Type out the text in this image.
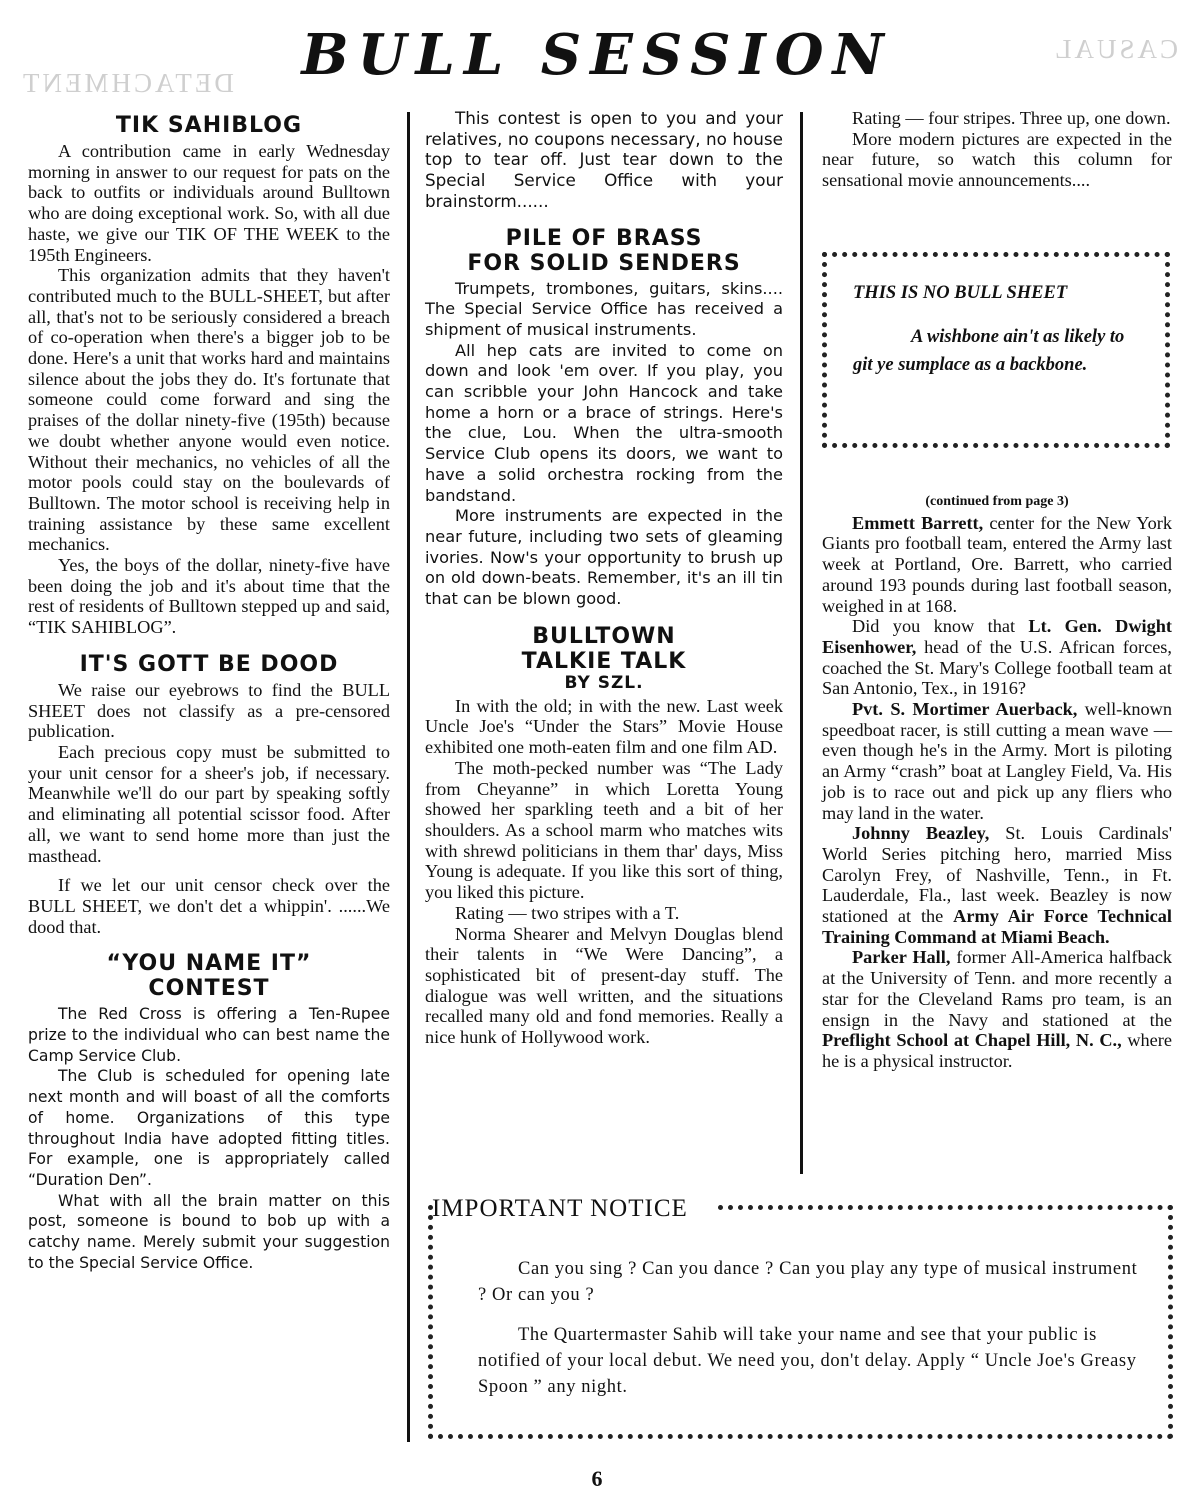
DETACHMENT
CASUAL
BULL SESSION
TIK SAHIBLOG

A contribution came in early Wednesday morning in answer to our request for pats on the back to outfits or individuals around Bulltown who are doing exceptional work. So, with all due haste, we give our TIK OF THE WEEK to the 195th Engineers.

This organization admits that they haven't contributed much to the BULL-SHEET, but after all, that's not to be seriously considered a breach of co-operation when there's a bigger job to be done. Here's a unit that works hard and maintains silence about the jobs they do. It's fortunate that someone could come forward and sing the praises of the dollar ninety-five (195th) because we doubt whether anyone would even notice. Without their mechanics, no vehicles of all the motor pools could stay on the boulevards of Bulltown. The motor school is receiving help in training assistance by these same excellent mechanics.

Yes, the boys of the dollar, ninety-five have been doing the job and it's about time that the rest of residents of Bulltown stepped up and said, “TIK SAHIBLOG”.

IT'S GOTT BE DOOD

We raise our eyebrows to find the BULL SHEET does not classify as a pre-censored publication.

Each precious copy must be submitted to your unit censor for a sheer's job, if necessary. Meanwhile we'll do our part by speaking softly and eliminating all potential scissor food. After all, we want to send home more than just the masthead.

If we let our unit censor check over the BULL SHEET, we don't det a whippin'. ......We dood that.

“YOU NAME IT”
CONTEST

The Red Cross is offering a Ten-Rupee prize to the individual who can best name the Camp Service Club.

The Club is scheduled for opening late next month and will boast of all the comforts of home. Organizations of this type throughout India have adopted fitting titles. For example, one is appropriately called “Duration Den”.

What with all the brain matter on this post, someone is bound to bob up with a catchy name. Merely submit your suggestion to the Special Service Office.

This contest is open to you and your relatives, no coupons necessary, no house top to tear off. Just tear down to the Special Service Office with your brainstorm......

PILE OF BRASS
FOR SOLID SENDERS

Trumpets, trombones, guitars, skins.... The Special Service Office has received a shipment of musical instruments.

All hep cats are invited to come on down and look 'em over. If you play, you can scribble your John Hancock and take home a horn or a brace of strings. Here's the clue, Lou. When the ultra-smooth Service Club opens its doors, we want to have a solid orchestra rocking from the bandstand.

More instruments are expected in the near future, including two sets of gleaming ivories. Now's your opportunity to brush up on old down-beats. Remember, it's an ill tin that can be blown good.

BULLTOWN
TALKIE TALK
BY SZL.

In with the old; in with the new. Last week Uncle Joe's “Under the Stars” Movie House exhibited one moth-eaten film and one film AD.

The moth-pecked number was “The Lady from Cheyanne” in which Loretta Young showed her sparkling teeth and a bit of her shoulders. As a school marm who matches wits with shrewd politicians in them thar' days, Miss Young is adequate. If you like this sort of thing, you liked this picture.

Rating — two stripes with a T.

Norma Shearer and Melvyn Douglas blend their talents in “We Were Dancing”, a sophisticated bit of present-day stuff. The dialogue was well written, and the situations recalled many old and fond memories. Really a nice hunk of Hollywood work.

Rating — four stripes. Three up, one down.

More modern pictures are expected in the near future, so watch this column for sensational movie announcements....

THIS IS NO BULL SHEET
A wishbone ain't as likely to git ye sumplace as a backbone.

(continued from page 3)

Emmett Barrett, center for the New York Giants pro football team, entered the Army last week at Portland, Ore. Barrett, who carried around 193 pounds during last football season, weighed in at 168.

Did you know that Lt. Gen. Dwight Eisenhower, head of the U.S. African forces, coached the St. Mary's College football team at San Antonio, Tex., in 1916?

Pvt. S. Mortimer Auerback, well-known speedboat racer, is still cutting a mean wave — even though he's in the Army. Mort is piloting an Army “crash” boat at Langley Field, Va. His job is to race out and pick up any fliers who may land in the water.

Johnny Beazley, St. Louis Cardinals' World Series pitching hero, married Miss Carolyn Frey, of Nashville, Tenn., in Ft. Lauderdale, Fla., last week. Beazley is now stationed at the Army Air Force Technical Training Command at Miami Beach.

Parker Hall, former All-America halfback at the University of Tenn. and more recently a star for the Cleveland Rams pro team, is an ensign in the Navy and stationed at the Preflight School at Chapel Hill, N. C., where he is a physical instructor.

IMPORTANT NOTICE

Can you sing ? Can you dance ? Can you play any type of musical instrument ? Or can you ?

The Quartermaster Sahib will take your name and see that your public is notified of your local debut. We need you, don't delay. Apply “ Uncle Joe's Greasy Spoon ” any night.

6
